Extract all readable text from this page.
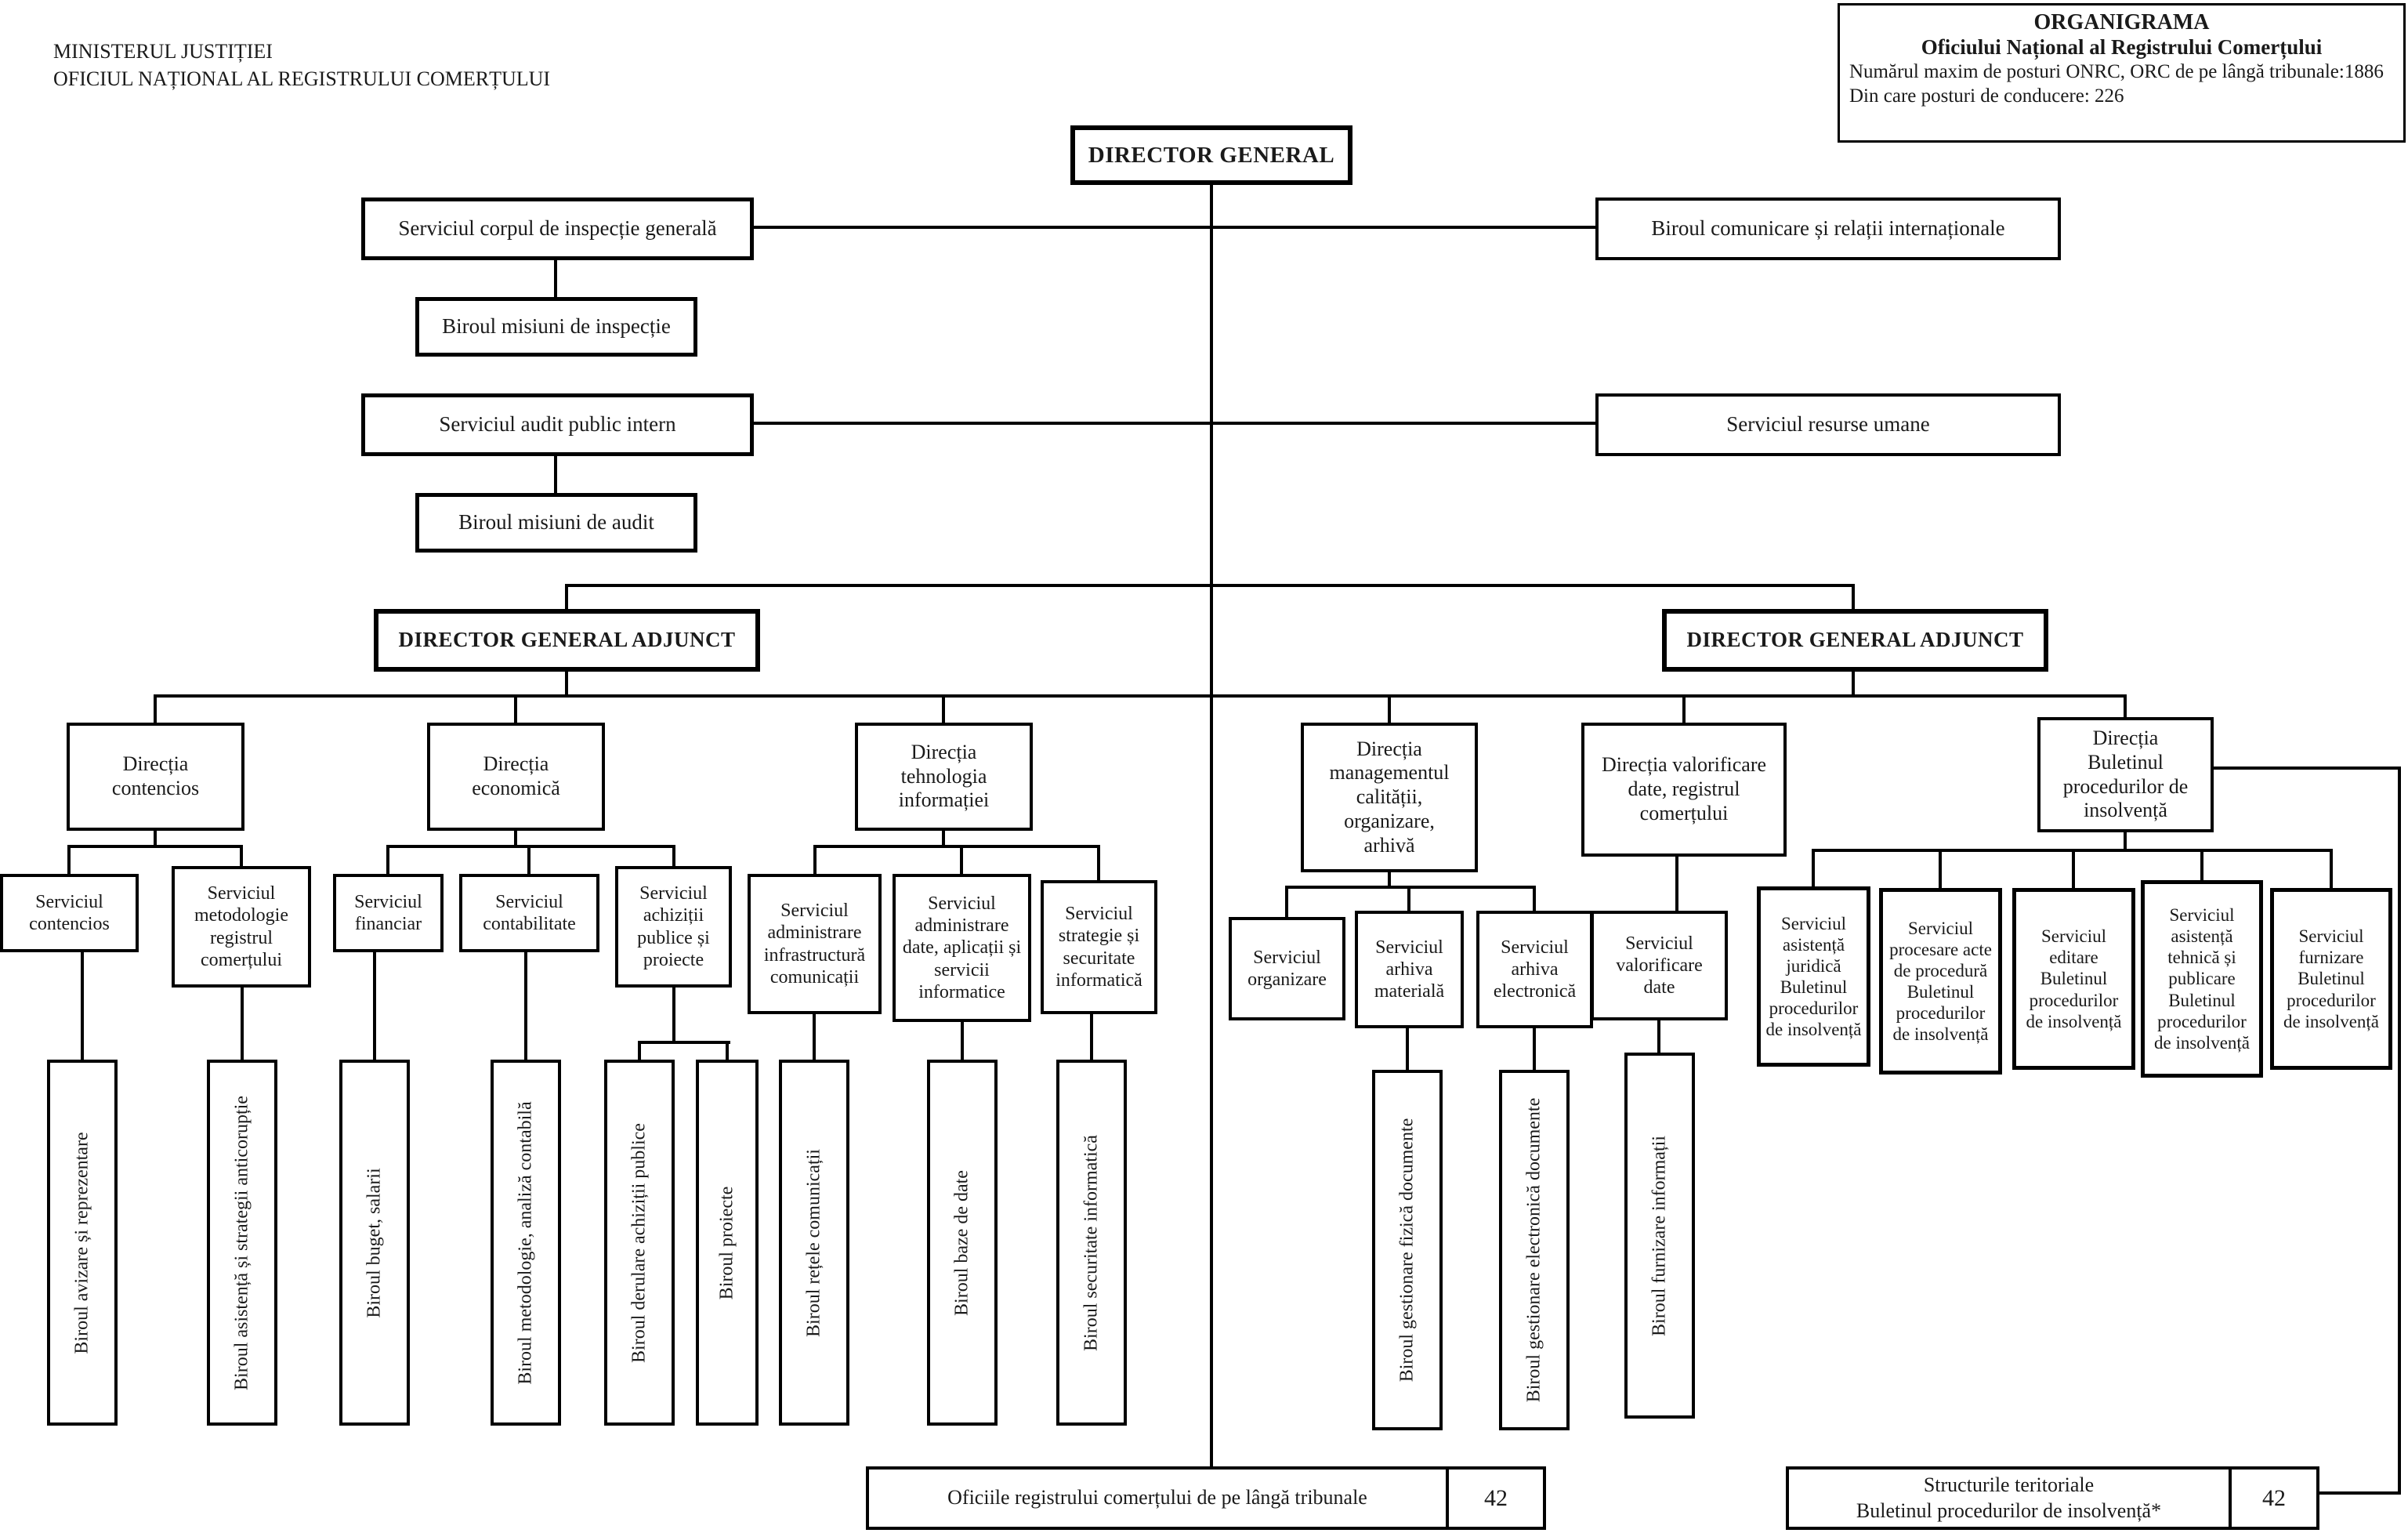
MINISTERUL JUSTIȚIEI
OFICIUL NAȚIONAL AL REGISTRULUI COMERȚULUI
ORGANIGRAMA
Oficiului Național al Registrului Comerțului
Numărul maxim de posturi ONRC, ORC de pe lângă tribunale:1886
Din care posturi de conducere: 226
DIRECTOR GENERAL
Serviciul corpul de inspecție generală
Biroul misiuni de inspecție
Serviciul audit public intern
Biroul misiuni de audit
Biroul comunicare și relații internaționale
Serviciul resurse umane
DIRECTOR GENERAL ADJUNCT	DIRECTOR GENERAL ADJUNCT
Direcția contencios
Direcția economică
Direcția tehnologia informației
Direcția managementul calității, organizare, arhivă
Direcția valorificare date, registrul comerțului
Direcția Buletinul procedurilor de insolvență
Serviciul contencios
Serviciul metodologie registrul comerțului
Serviciul financiar
Serviciul contabilitate
Serviciul achiziții publice și proiecte
Serviciul administrare infrastructură comunicații
Serviciul administrare date, aplicații și servicii informatice
Serviciul strategie și securitate informatică
Serviciul organizare
Serviciul arhiva materială
Serviciul arhiva electronică
Serviciul valorificare date
Serviciul asistență juridică Buletinul procedurilor de insolvență
Serviciul procesare acte de procedură Buletinul procedurilor de insolvență
Serviciul editare Buletinul procedurilor de insolvență
Serviciul asistență tehnică și publicare Buletinul procedurilor de insolvență
Serviciul furnizare Buletinul procedurilor de insolvență
Biroul avizare și reprezentare	Biroul asistență și strategii anticorupție	Biroul buget, salarii	Biroul metodologie, analiză contabilă	Biroul derulare achiziții publice	Biroul proiecte	Biroul rețele comunicații	Biroul baze de date	Biroul securitate informatică	Biroul gestionare fizică documente	Biroul gestionare electronică documente	Biroul furnizare informații
Oficiile registrului comerțului de pe lângă tribunale	42	Structurile teritoriale
Buletinul procedurilor de insolvență*	42
